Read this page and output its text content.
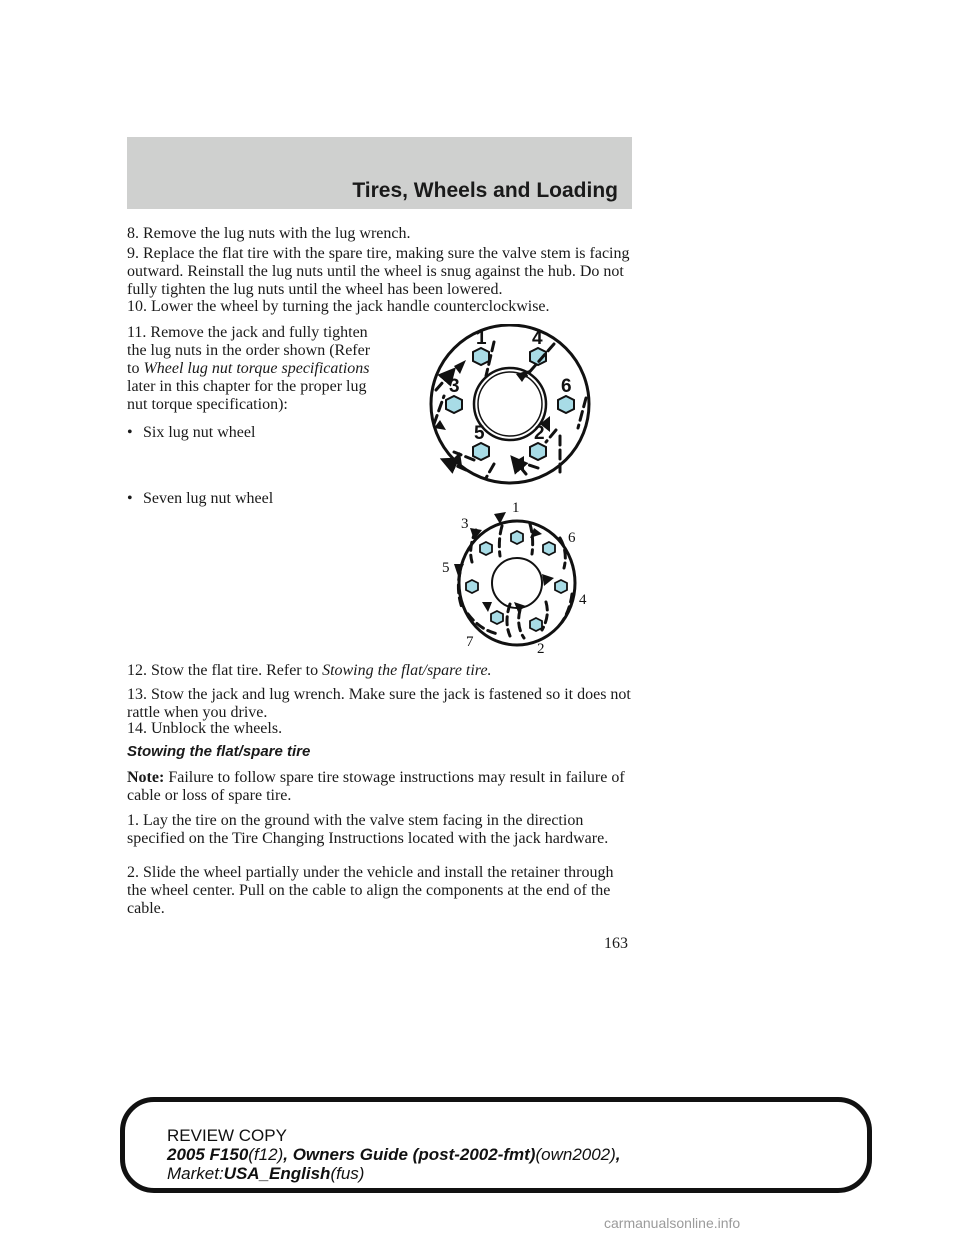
Tires, Wheels and Loading

8. Remove the lug nuts with the lug wrench.

9. Replace the flat tire with the spare tire, making sure the valve stem is facing outward. Reinstall the lug nuts until the wheel is snug against the hub. Do not fully tighten the lug nuts until the wheel has been lowered.

10. Lower the wheel by turning the jack handle counterclockwise.

11. Remove the jack and fully tighten the lug nuts in the order shown (Refer to Wheel lug nut torque specifications later in this chapter for the proper lug nut torque specification):

• Six lug nut wheel
• Seven lug nut wheel
1 4
3	6
5	2
1
3
6
5
4
7	2

12. Stow the flat tire. Refer to Stowing the flat/spare tire.

13. Stow the jack and lug wrench. Make sure the jack is fastened so it does not rattle when you drive.

14. Unblock the wheels.

Stowing the flat/spare tire

Note: Failure to follow spare tire stowage instructions may result in failure of cable or loss of spare tire.

1. Lay the tire on the ground with the valve stem facing in the direction specified on the Tire Changing Instructions located with the jack hardware.

2. Slide the wheel partially under the vehicle and install the retainer through the wheel center. Pull on the cable to align the components at the end of the cable.

163
REVIEW COPY
2005 F150(f12), Owners Guide (post-2002-fmt)(own2002),
Market:USA_English(fus)
carmanualsonline.info
